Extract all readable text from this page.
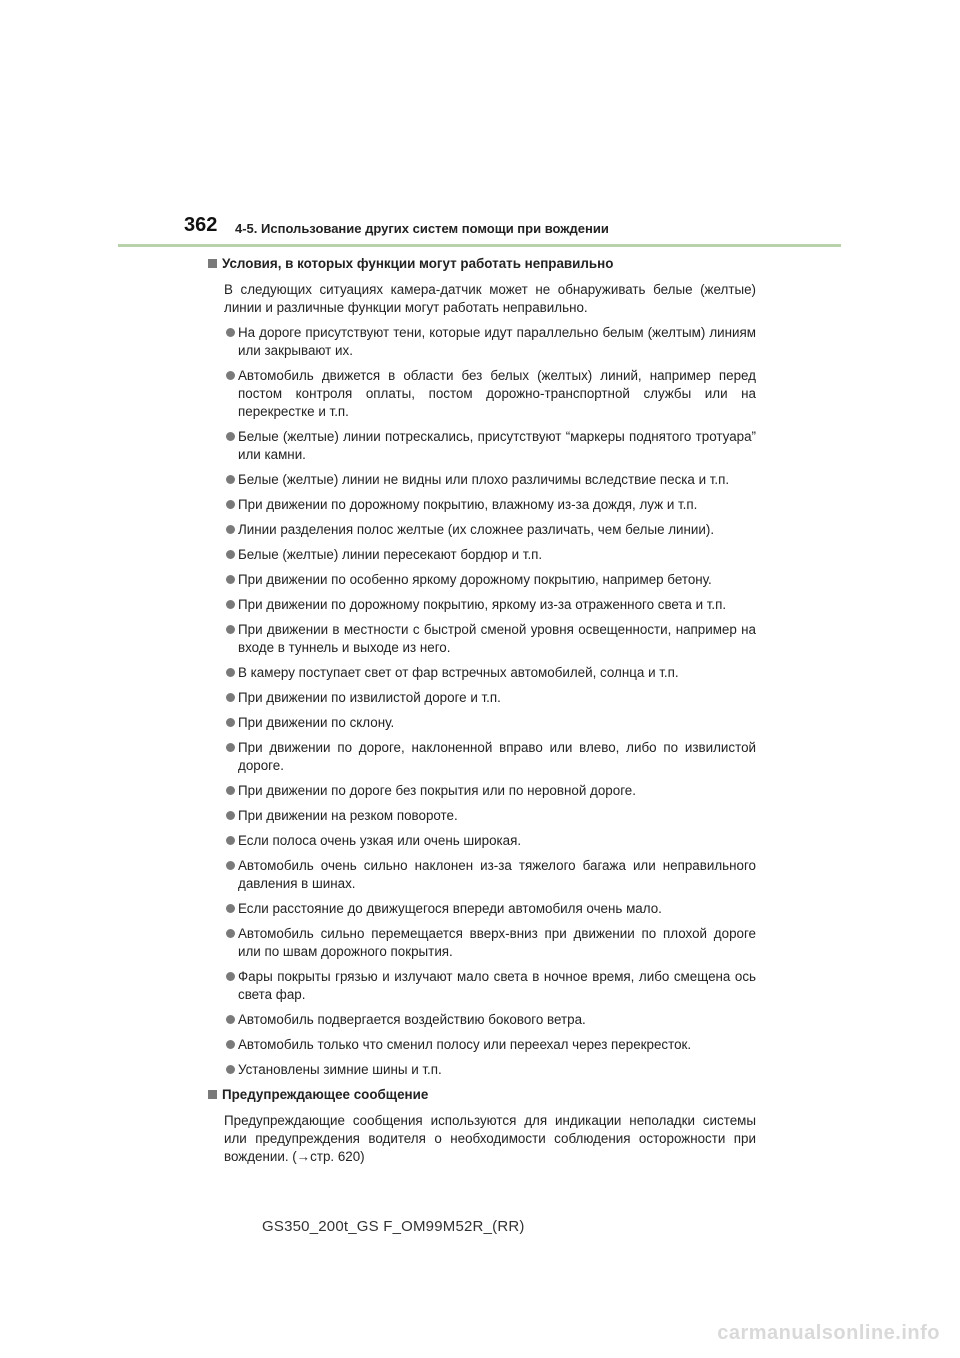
362 4-5. Использование других систем помощи при вождении

Условия, в которых функции могут работать неправильно

В следующих ситуациях камера-датчик может не обнаруживать белые (желтые) линии и различные функции могут работать неправильно.

На дороге присутствуют тени, которые идут параллельно белым (желтым) линиям или закрывают их.
Автомобиль движется в области без белых (желтых) линий, например перед постом контроля оплаты, постом дорожно-транспортной службы или на перекрестке и т.п.
Белые (желтые) линии потрескались, присутствуют “маркеры поднятого тротуара” или камни.
Белые (желтые) линии не видны или плохо различимы вследствие песка и т.п.
При движении по дорожному покрытию, влажному из-за дождя, луж и т.п.
Линии разделения полос желтые (их сложнее различать, чем белые линии).
Белые (желтые) линии пересекают бордюр и т.п.
При движении по особенно яркому дорожному покрытию, например бетону.
При движении по дорожному покрытию, яркому из-за отраженного света и т.п.
При движении в местности с быстрой сменой уровня освещенности, например на входе в туннель и выходе из него.
В камеру поступает свет от фар встречных автомобилей, солнца и т.п.
При движении по извилистой дороге и т.п.
При движении по склону.
При движении по дороге, наклоненной вправо или влево, либо по извилистой дороге.
При движении по дороге без покрытия или по неровной дороге.
При движении на резком повороте.
Если полоса очень узкая или очень широкая.
Автомобиль очень сильно наклонен из-за тяжелого багажа или неправильного давления в шинах.
Если расстояние до движущегося впереди автомобиля очень мало.
Автомобиль сильно перемещается вверх-вниз при движении по плохой дороге или по швам дорожного покрытия.
Фары покрыты грязью и излучают мало света в ночное время, либо смещена ось света фар.
Автомобиль подвергается воздействию бокового ветра.
Автомобиль только что сменил полосу или переехал через перекресток.
Установлены зимние шины и т.п.

Предупреждающее сообщение

Предупреждающие сообщения используются для индикации неполадки системы или предупреждения водителя о необходимости соблюдения осторожности при вождении. (→стр. 620)

GS350_200t_GS F_OM99M52R_(RR)
carmanualsonline.info
